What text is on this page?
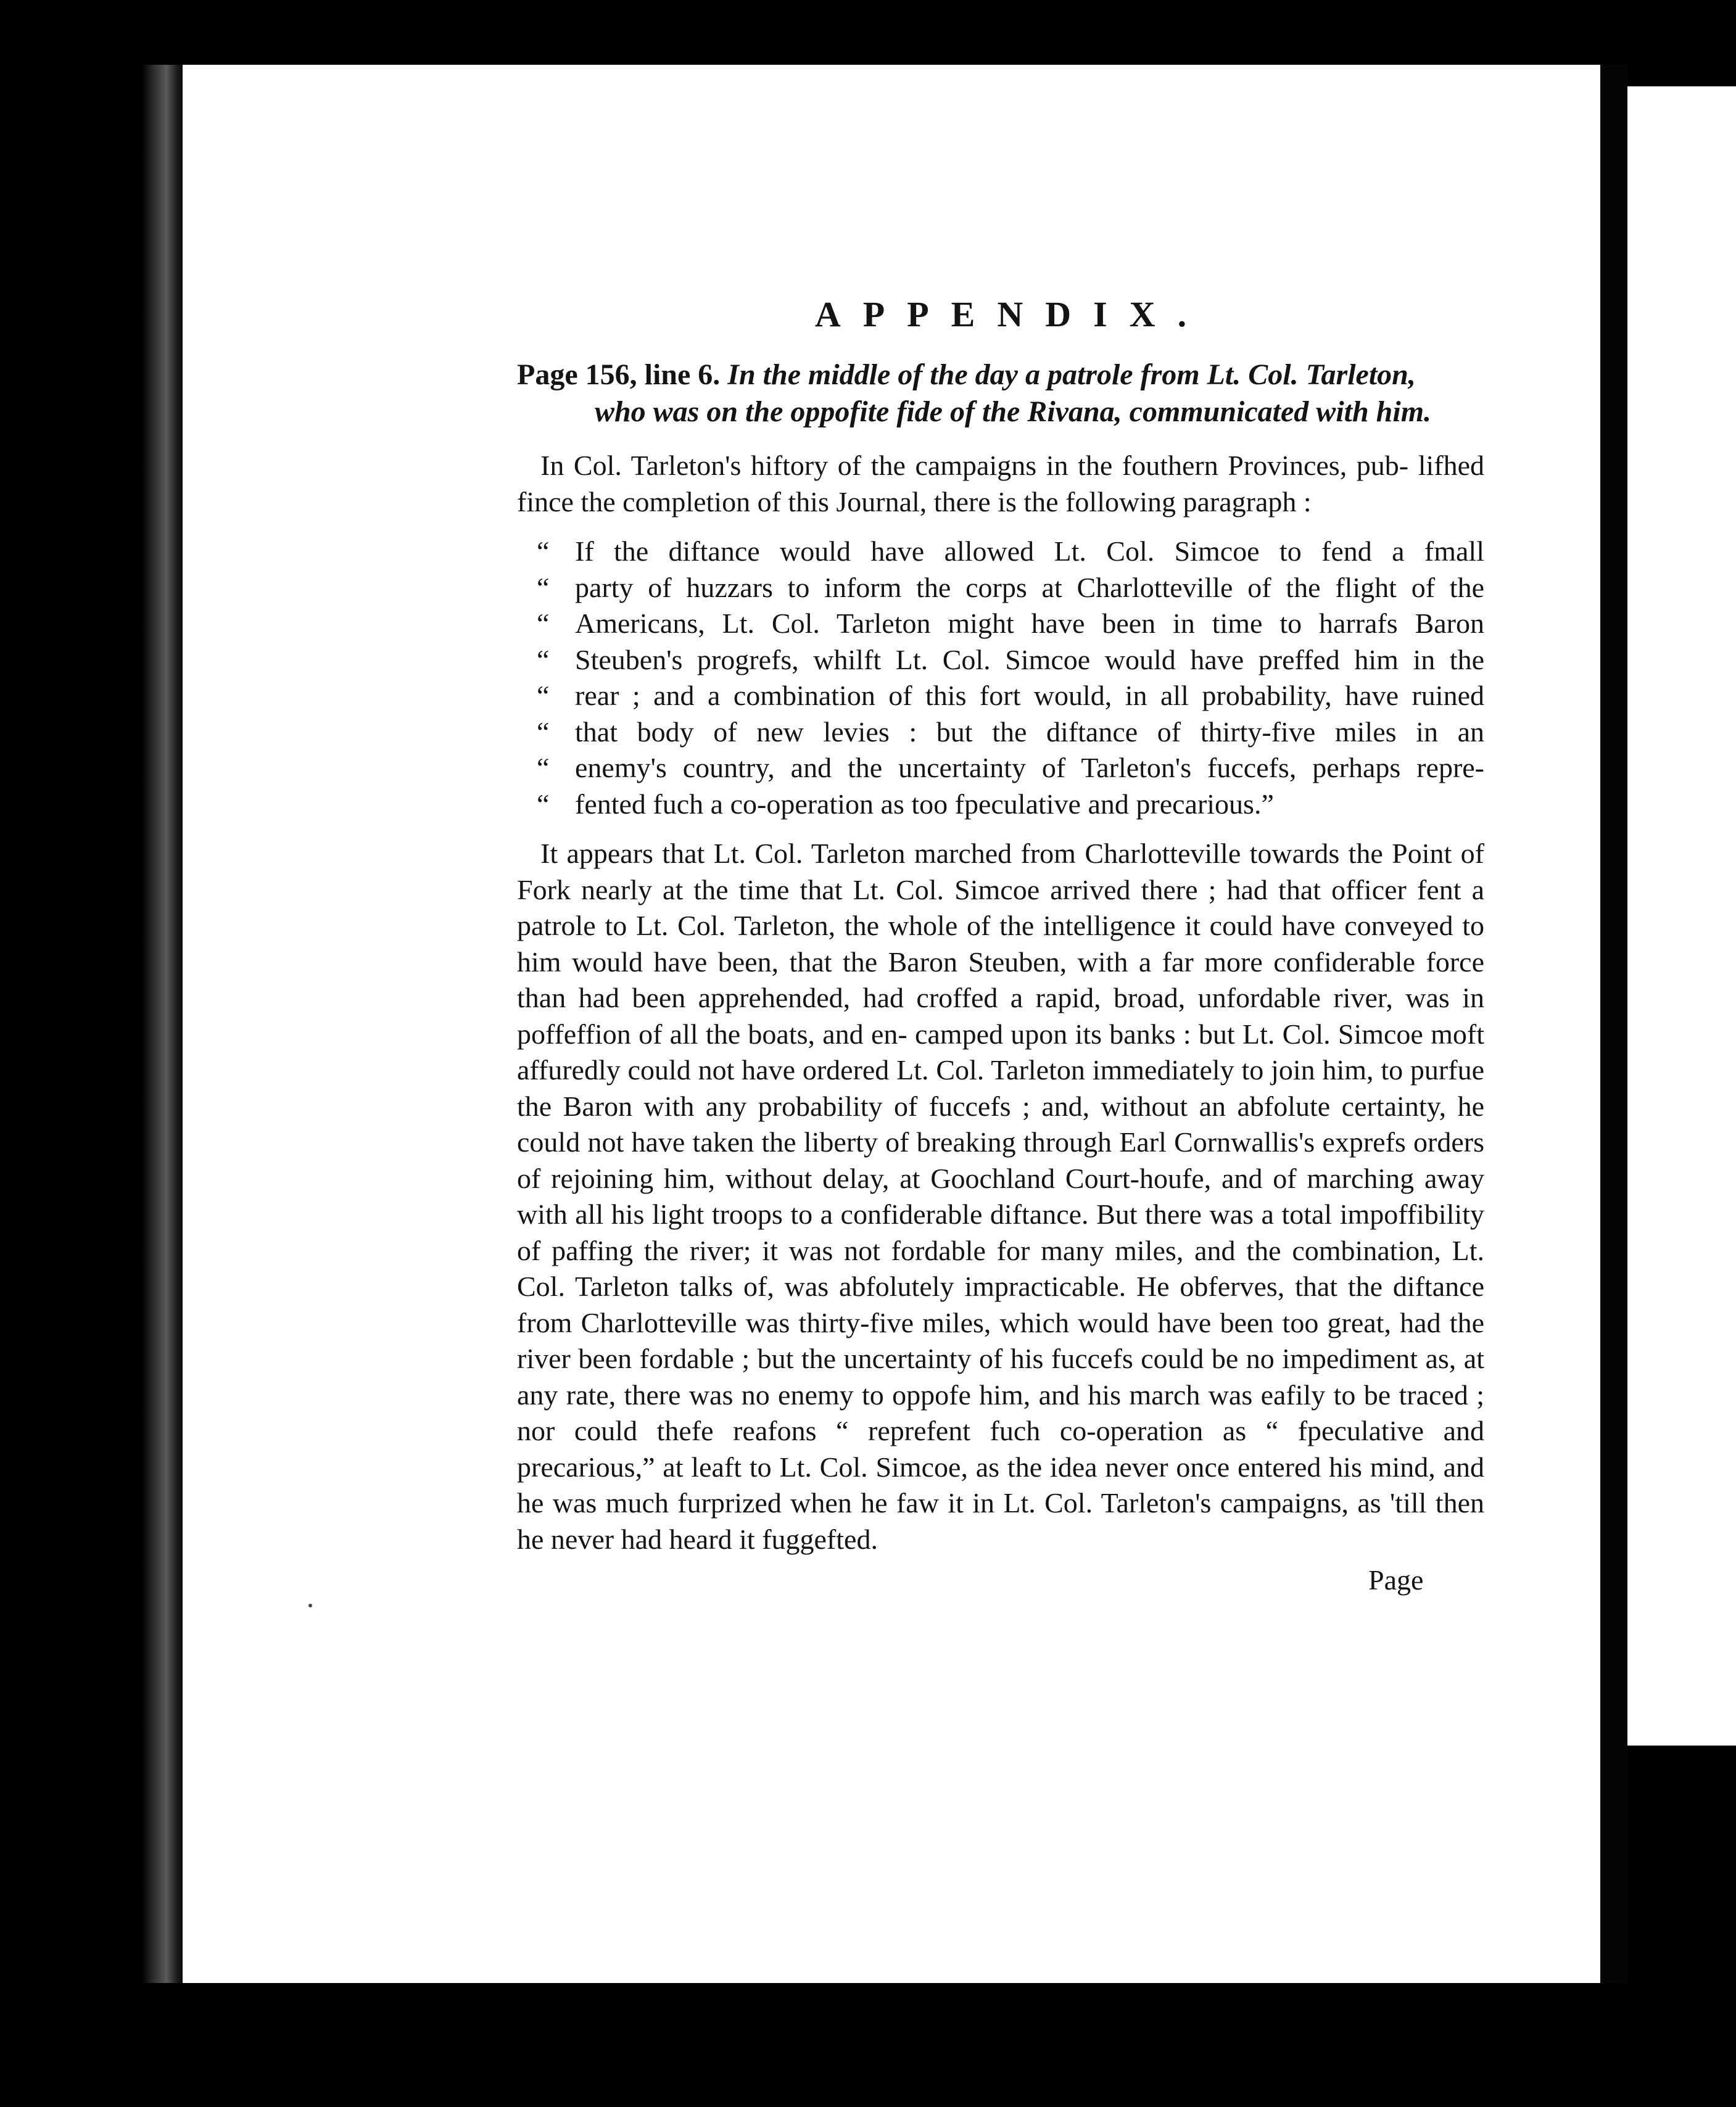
APPENDIX.
Page 156, line 6. In the middle of the day a patrole from Lt. Col. Tarleton,
who was on the oppofite fide of the Rivana, communicated with him.

In Col. Tarleton's hiftory of the campaigns in the fouthern Provinces, pub- lifhed fince the completion of this Journal, there is the following paragraph :

“ If the diftance would have allowed Lt. Col. Simcoe to fend a fmall
“ party of huzzars to inform the corps at Charlotteville of the flight of the
“ Americans, Lt. Col. Tarleton might have been in time to harrafs Baron
“ Steuben's progrefs, whilft Lt. Col. Simcoe would have preffed him in the
“ rear ; and a combination of this fort would, in all probability, have ruined
“ that body of new levies : but the diftance of thirty-five miles in an
“ enemy's country, and the uncertainty of Tarleton's fuccefs, perhaps repre-
“ fented fuch a co-operation as too fpeculative and precarious.”

It appears that Lt. Col. Tarleton marched from Charlotteville towards the Point of Fork nearly at the time that Lt. Col. Simcoe arrived there ; had that officer fent a patrole to Lt. Col. Tarleton, the whole of the intelligence it could have conveyed to him would have been, that the Baron Steuben, with a far more confiderable force than had been apprehended, had croffed a rapid, broad, unfordable river, was in poffeffion of all the boats, and en- camped upon its banks : but Lt. Col. Simcoe moft affuredly could not have ordered Lt. Col. Tarleton immediately to join him, to purfue the Baron with any probability of fuccefs ; and, without an abfolute certainty, he could not have taken the liberty of breaking through Earl Cornwallis's exprefs orders of rejoining him, without delay, at Goochland Court-houfe, and of marching away with all his light troops to a confiderable diftance. But there was a total impoffibility of paffing the river; it was not fordable for many miles, and the combination, Lt. Col. Tarleton talks of, was abfolutely impracticable. He obferves, that the diftance from Charlotteville was thirty-five miles, which would have been too great, had the river been fordable ; but the uncertainty of his fuccefs could be no impediment as, at any rate, there was no enemy to oppofe him, and his march was eafily to be traced ; nor could thefe reafons “ reprefent fuch co-operation as “ fpeculative and precarious,” at leaft to Lt. Col. Simcoe, as the idea never once entered his mind, and he was much furprized when he faw it in Lt. Col. Tarleton's campaigns, as 'till then he never had heard it fuggefted.

Page
